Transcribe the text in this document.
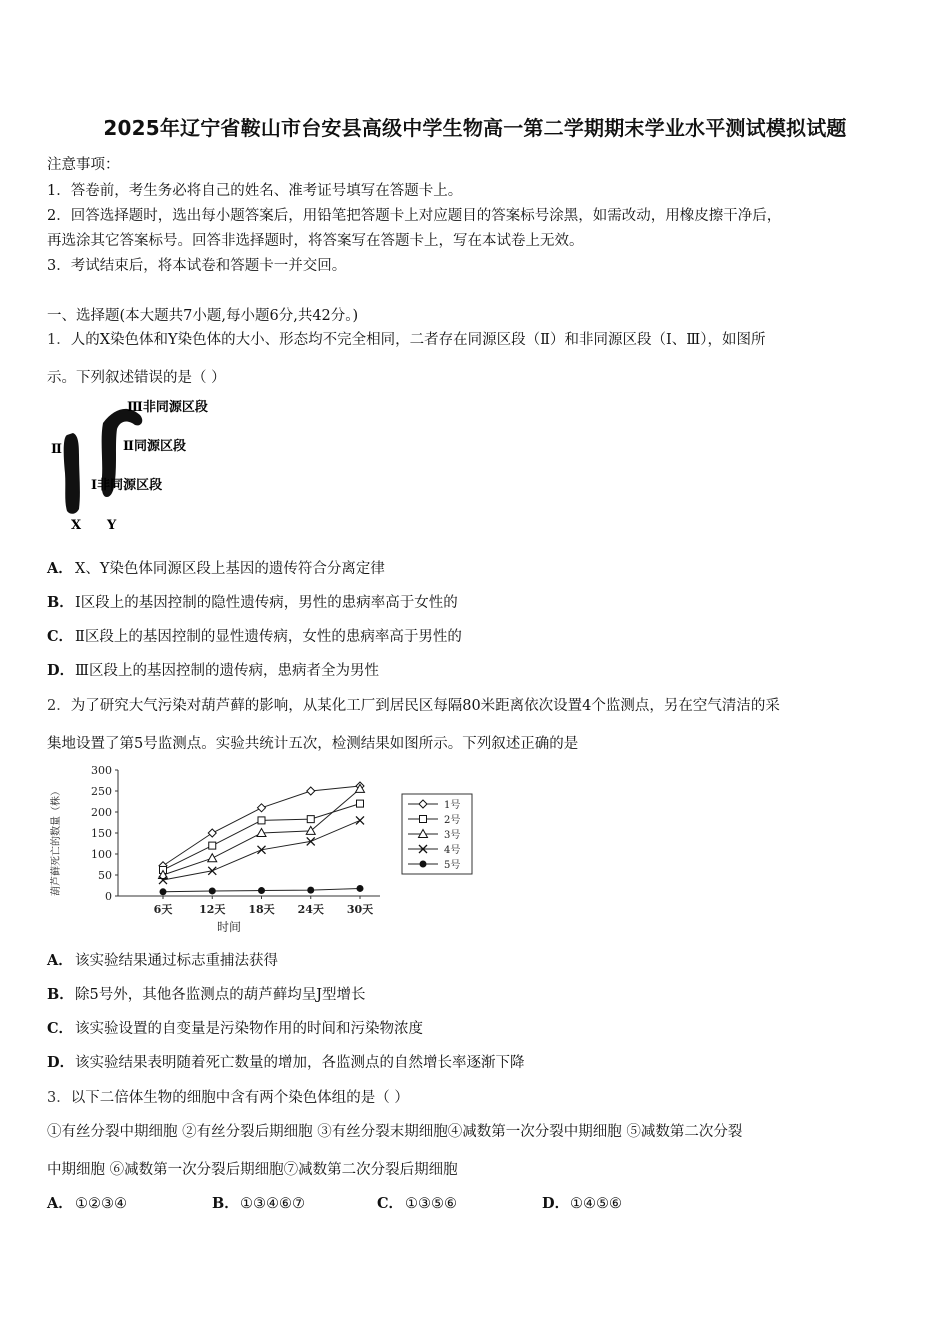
2025年辽宁省鞍山市台安县高级中学生物高一第二学期期末学业水平测试模拟试题
注意事项：
1．答卷前，考生务必将自己的姓名、准考证号填写在答题卡上。
2．回答选择题时，选出每小题答案后，用铅笔把答题卡上对应题目的答案标号涂黑，如需改动，用橡皮擦干净后，
再选涂其它答案标号。回答非选择题时，将答案写在答题卡上，写在本试卷上无效。
3．考试结束后，将本试卷和答题卡一并交回。
一、选择题(本大题共7小题,每小题6分,共42分。)
1．人的X染色体和Y染色体的大小、形态均不完全相同，二者存在同源区段（Ⅱ）和非同源区段（Ⅰ、Ⅲ），如图所
示。下列叙述错误的是（ ）
Ⅱ
Ⅲ非同源区段
Ⅱ同源区段
Ⅰ非同源区段
X Y
A． X、Y染色体同源区段上基因的遗传符合分离定律
B．Ⅰ区段上的基因控制的隐性遗传病，男性的患病率高于女性的
C． Ⅱ区段上的基因控制的显性遗传病，女性的患病率高于男性的
D．Ⅲ区段上的基因控制的遗传病，患病者全为男性
2．为了研究大气污染对葫芦藓的影响，从某化工厂到居民区每隔80米距离依次设置4个监测点，另在空气清洁的采
集地设置了第5号监测点。实验共统计五次，检测结果如图所示。下列叙述正确的是
0
50
100
150
200
250
300
6天 12天 18天 24天 30天
时间
葫芦藓死亡的数量（株）	1号
2号
3号
4号
5号
A． 该实验结果通过标志重捕法获得
B．除5号外，其他各监测点的葫芦藓均呈J型增长
C． 该实验设置的自变量是污染物作用的时间和污染物浓度
D．该实验结果表明随着死亡数量的增加，各监测点的自然增长率逐渐下降
3．以下二倍体生物的细胞中含有两个染色体组的是（ ）
①有丝分裂中期细胞 ②有丝分裂后期细胞 ③有丝分裂末期细胞④减数第一次分裂中期细胞 ⑤减数第二次分裂
中期细胞 ⑥减数第一次分裂后期细胞⑦减数第二次分裂后期细胞
A． ①②③④	B．①③④⑥⑦	C． ①③⑤⑥	D．①④⑤⑥
